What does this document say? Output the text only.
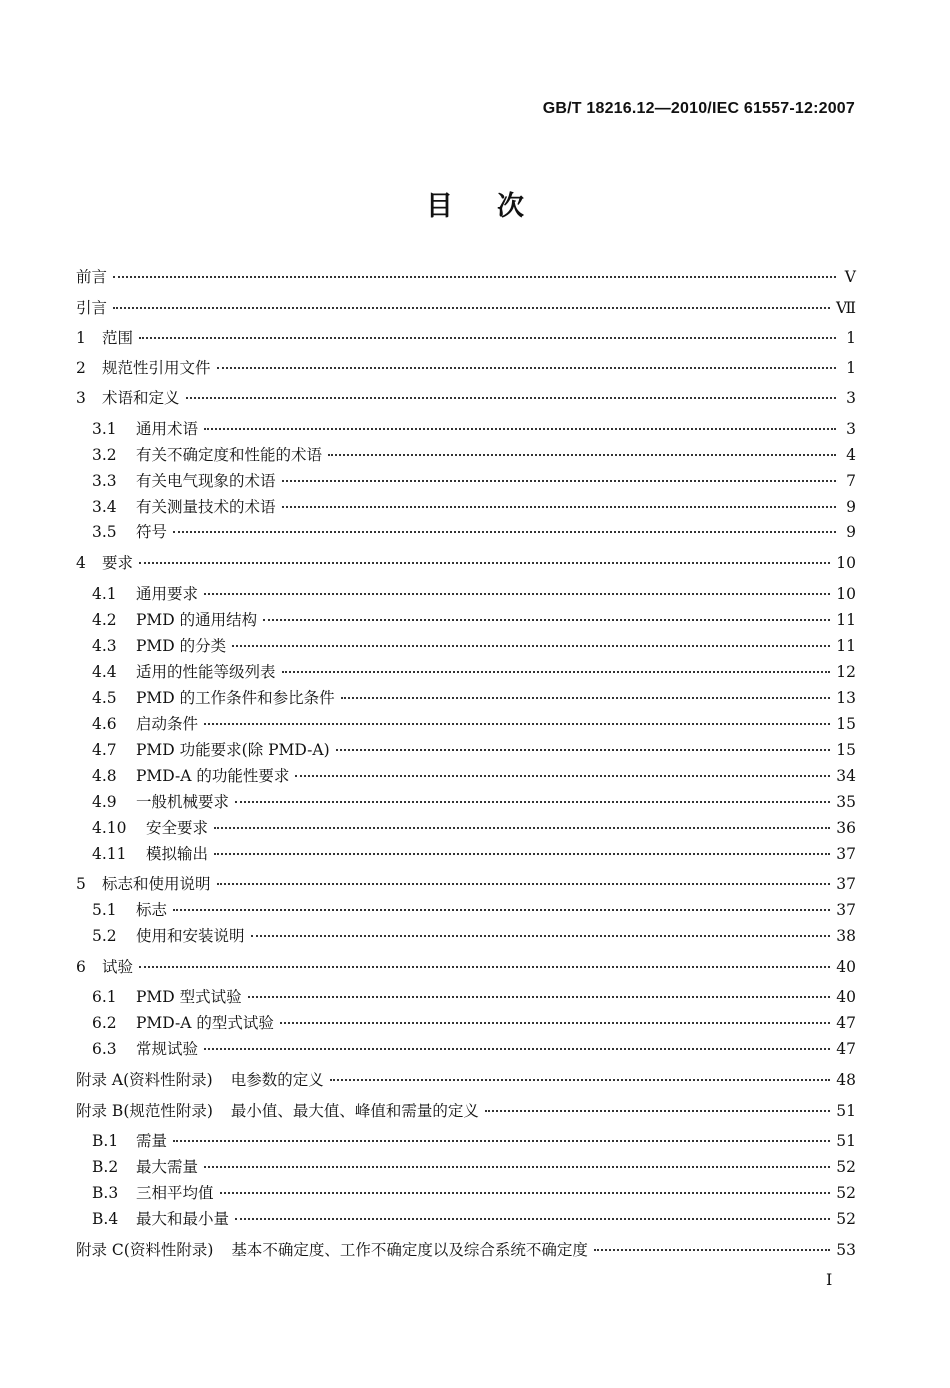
GB/T 18216.12—2010/IEC 61557-12:2007
目次
前言	V
引言	Ⅶ
1	范围	1
2	规范性引用文件	1
3	术语和定义	3
3.1	通用术语	3
3.2	有关不确定度和性能的术语	4
3.3	有关电气现象的术语	7
3.4	有关测量技术的术语	9
3.5	符号	9
4	要求	10
4.1	通用要求	10
4.2	PMD 的通用结构	11
4.3	PMD 的分类	11
4.4	适用的性能等级列表	12
4.5	PMD 的工作条件和参比条件	13
4.6	启动条件	15
4.7	PMD 功能要求(除 PMD-A)	15
4.8	PMD-A 的功能性要求	34
4.9	一般机械要求	35
4.10	安全要求	36
4.11	模拟输出	37
5	标志和使用说明	37
5.1	标志	37
5.2	使用和安装说明	38
6	试验	40
6.1	PMD 型式试验	40
6.2	PMD-A 的型式试验	47
6.3	常规试验	47
附录 A(资料性附录) 电参数的定义	48
附录 B(规范性附录) 最小值、最大值、峰值和需量的定义	51
B.1	需量	51
B.2	最大需量	52
B.3	三相平均值	52
B.4	最大和最小量	52
附录 C(资料性附录) 基本不确定度、工作不确定度以及综合系统不确定度	53
I
